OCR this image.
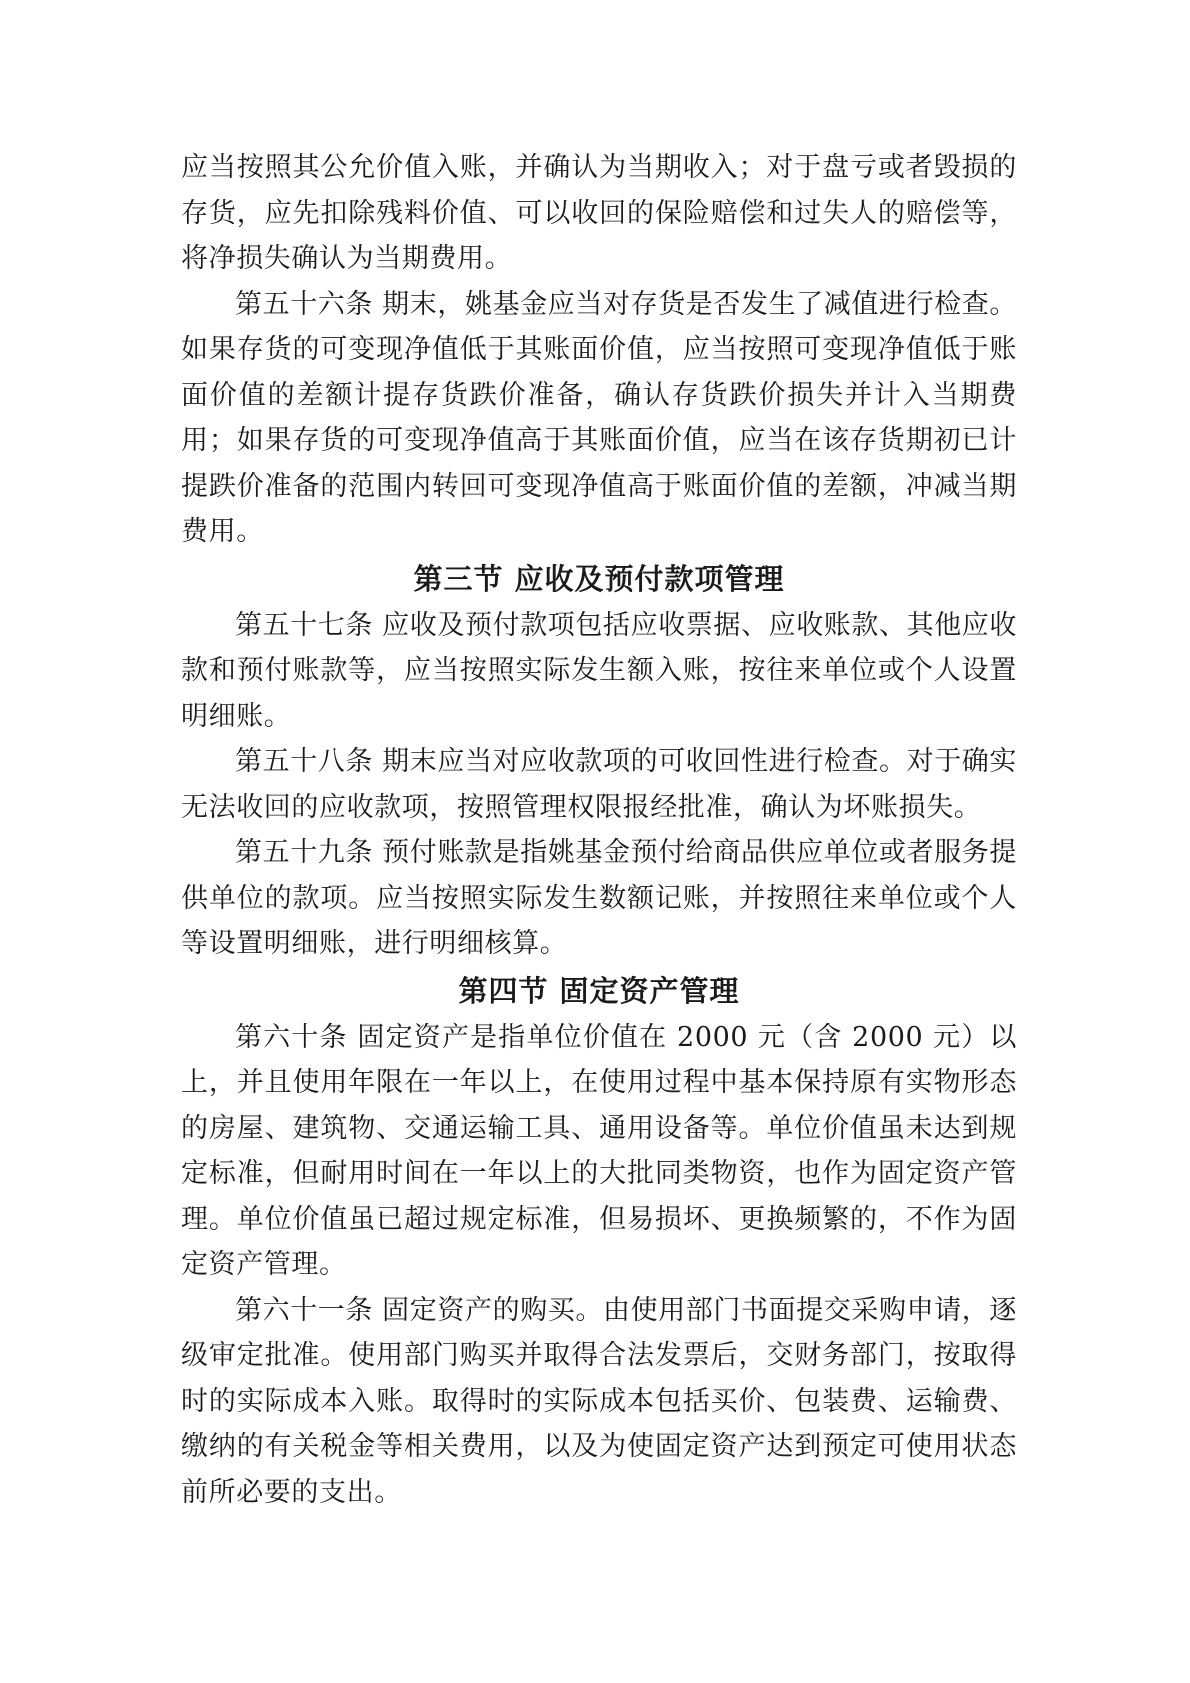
应当按照其公允价值入账，并确认为当期收入；对于盘亏或者毁损的存货，应先扣除残料价值、可以收回的保险赔偿和过失人的赔偿等，将净损失确认为当期费用。

第五十六条 期末，姚基金应当对存货是否发生了减值进行检查。如果存货的可变现净值低于其账面价值，应当按照可变现净值低于账面价值的差额计提存货跌价准备，确认存货跌价损失并计入当期费用；如果存货的可变现净值高于其账面价值，应当在该存货期初已计提跌价准备的范围内转回可变现净值高于账面价值的差额，冲减当期费用。

第三节 应收及预付款项管理

第五十七条 应收及预付款项包括应收票据、应收账款、其他应收款和预付账款等，应当按照实际发生额入账，按往来单位或个人设置明细账。

第五十八条 期末应当对应收款项的可收回性进行检查。对于确实无法收回的应收款项，按照管理权限报经批准，确认为坏账损失。

第五十九条 预付账款是指姚基金预付给商品供应单位或者服务提供单位的款项。应当按照实际发生数额记账，并按照往来单位或个人等设置明细账，进行明细核算。

第四节 固定资产管理

第六十条 固定资产是指单位价值在 2000 元（含 2000 元）以上，并且使用年限在一年以上，在使用过程中基本保持原有实物形态的房屋、建筑物、交通运输工具、通用设备等。单位价值虽未达到规定标准，但耐用时间在一年以上的大批同类物资，也作为固定资产管理。单位价值虽已超过规定标准，但易损坏、更换频繁的，不作为固定资产管理。

第六十一条 固定资产的购买。由使用部门书面提交采购申请，逐级审定批准。使用部门购买并取得合法发票后，交财务部门，按取得时的实际成本入账。取得时的实际成本包括买价、包装费、运输费、缴纳的有关税金等相关费用，以及为使固定资产达到预定可使用状态前所必要的支出。
